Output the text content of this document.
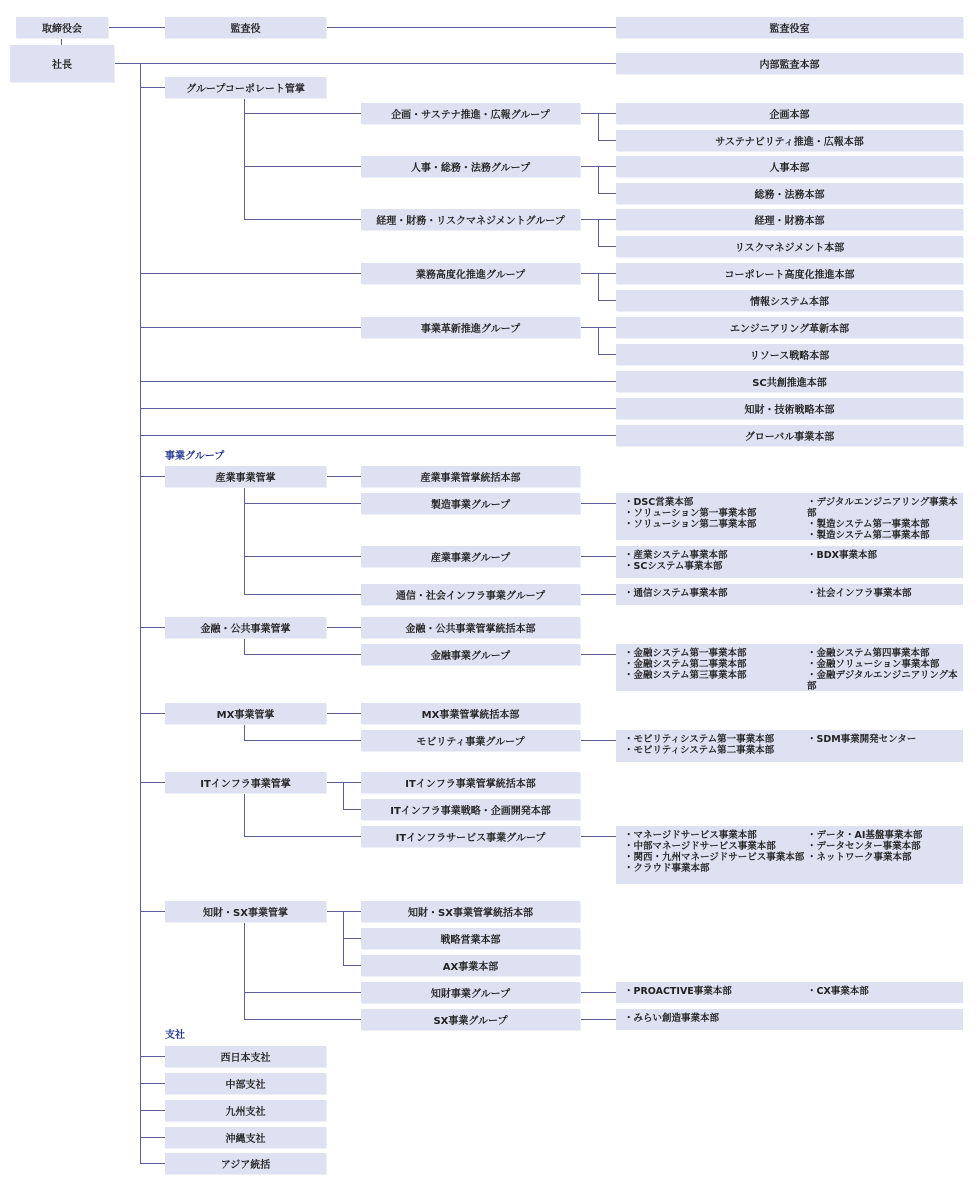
取締役会
社長
監査役	監査役室
内部監査本部
グループコーポレート管掌
企画・サステナ推進・広報グループ
人事・総務・法務グループ
経理・財務・リスクマネジメントグループ
企画本部
サステナビリティ推進・広報本部
人事本部
総務・法務本部
経理・財務本部
リスクマネジメント本部
業務高度化推進グループ	コーポレート高度化推進本部
情報システム本部
事業革新推進グループ	エンジニアリング革新本部
リソース戦略本部
SC共創推進本部
知財・技術戦略本部
グローバル事業本部
事業グループ
産業事業管掌	産業事業管掌統括本部
製造事業グループ
産業事業グループ
通信・社会インフラ事業グループ
・DSC営業本部
・ソリューション第一事業本部
・ソリューション第二事業本部
・デジタルエンジニアリング事業本部
・製造システム第一事業本部
・製造システム第二事業本部
・産業システム事業本部
・SCシステム事業本部
・BDX事業本部
・通信システム事業本部	・社会インフラ事業本部
金融・公共事業管掌	金融・公共事業管掌統括本部
金融事業グループ	・金融システム第一事業本部
・金融システム第二事業本部
・金融システム第三事業本部
・金融システム第四事業本部
・金融ソリューション事業本部
・金融デジタルエンジニアリング本部
MX事業管掌	MX事業管掌統括本部
モビリティ事業グループ	・モビリティシステム第一事業本部
・モビリティシステム第二事業本部
・SDM事業開発センター
ITインフラ事業管掌	ITインフラ事業管掌統括本部
ITインフラ事業戦略・企画開発本部
ITインフラサービス事業グループ	・マネージドサービス事業本部
・中部マネージドサービス事業本部
・関西・九州マネージドサービス事業本部
・クラウド事業本部
・データ・AI基盤事業本部
・データセンター事業本部
・ネットワーク事業本部
知財・SX事業管掌	知財・SX事業管掌統括本部
戦略営業本部
AX事業本部
知財事業グループ
SX事業グループ
・PROACTIVE事業本部	・CX事業本部
・みらい創造事業本部
支社
西日本支社
中部支社
九州支社
沖縄支社
アジア統括
